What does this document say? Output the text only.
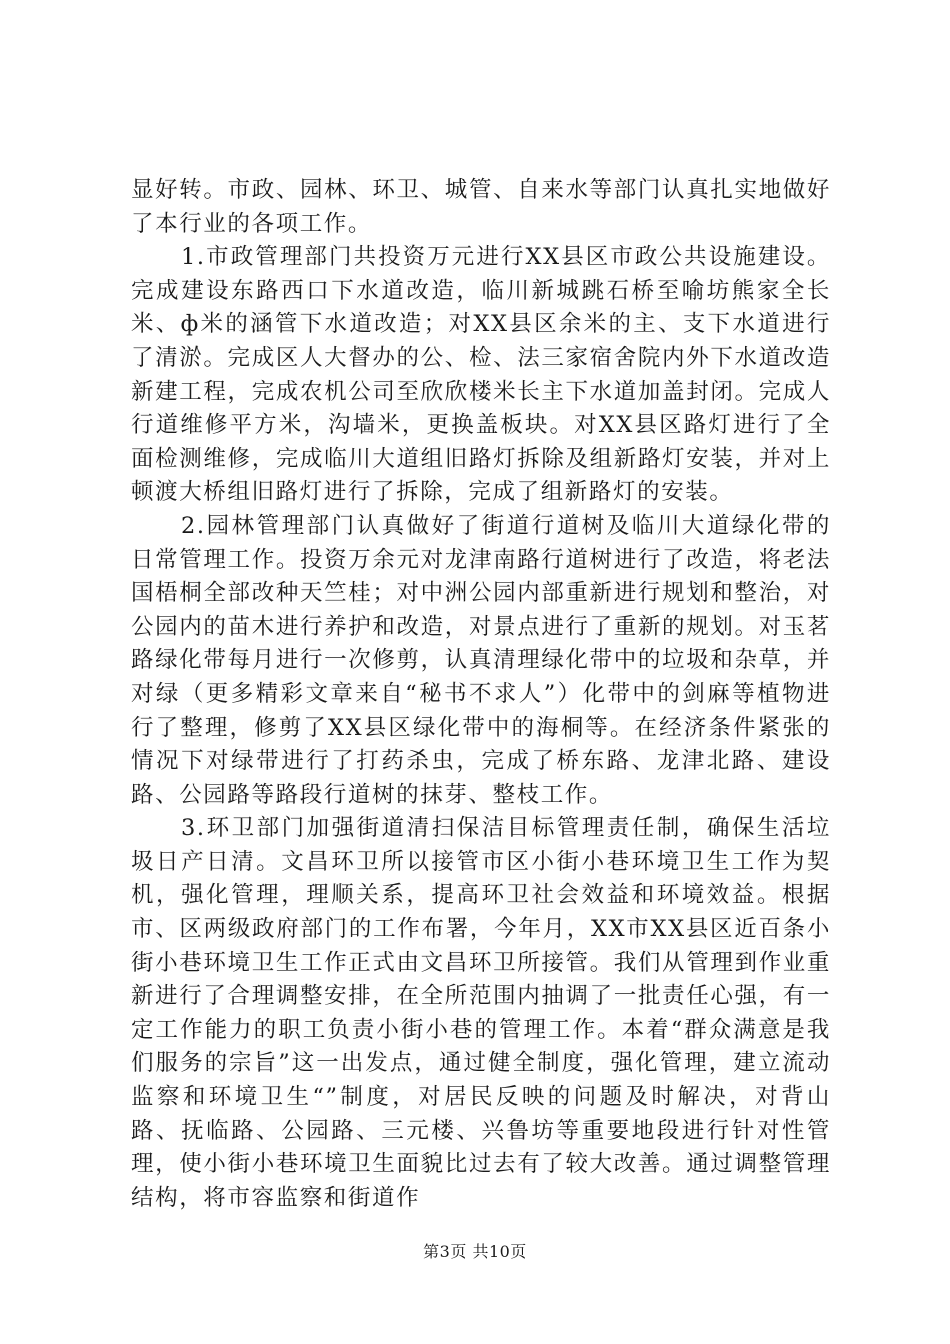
显好转。市政、园林、环卫、城管、自来水等部门认真扎实地做好了本行业的各项工作。

1.市政管理部门共投资万元进行XX县区市政公共设施建设。完成建设东路西口下水道改造，临川新城跳石桥至喻坊熊家全长米、ф米的涵管下水道改造；对XX县区余米的主、支下水道进行了清淤。完成区人大督办的公、检、法三家宿舍院内外下水道改造新建工程，完成农机公司至欣欣楼米长主下水道加盖封闭。完成人行道维修平方米，沟墙米，更换盖板块。对XX县区路灯进行了全面检测维修，完成临川大道组旧路灯拆除及组新路灯安装，并对上顿渡大桥组旧路灯进行了拆除，完成了组新路灯的安装。

2.园林管理部门认真做好了街道行道树及临川大道绿化带的日常管理工作。投资万余元对龙津南路行道树进行了改造，将老法国梧桐全部改种天竺桂；对中洲公园内部重新进行规划和整治，对公园内的苗木进行养护和改造，对景点进行了重新的规划。对玉茗路绿化带每月进行一次修剪，认真清理绿化带中的垃圾和杂草，并对绿（更多精彩文章来自“秘书不求人”）化带中的剑麻等植物进行了整理，修剪了XX县区绿化带中的海桐等。在经济条件紧张的情况下对绿带进行了打药杀虫，完成了桥东路、龙津北路、建设路、公园路等路段行道树的抹芽、整枝工作。

3.环卫部门加强街道清扫保洁目标管理责任制，确保生活垃圾日产日清。文昌环卫所以接管市区小街小巷环境卫生工作为契机，强化管理，理顺关系，提高环卫社会效益和环境效益。根据市、区两级政府部门的工作布署，今年月，XX市XX县区近百条小街小巷环境卫生工作正式由文昌环卫所接管。我们从管理到作业重新进行了合理调整安排，在全所范围内抽调了一批责任心强，有一定工作能力的职工负责小街小巷的管理工作。本着“群众满意是我们服务的宗旨”这一出发点，通过健全制度，强化管理，建立流动监察和环境卫生“”制度，对居民反映的问题及时解决，对背山路、抚临路、公园路、三元楼、兴鲁坊等重要地段进行针对性管理，使小街小巷环境卫生面貌比过去有了较大改善。通过调整管理结构，将市容监察和街道作

第3页 共10页
